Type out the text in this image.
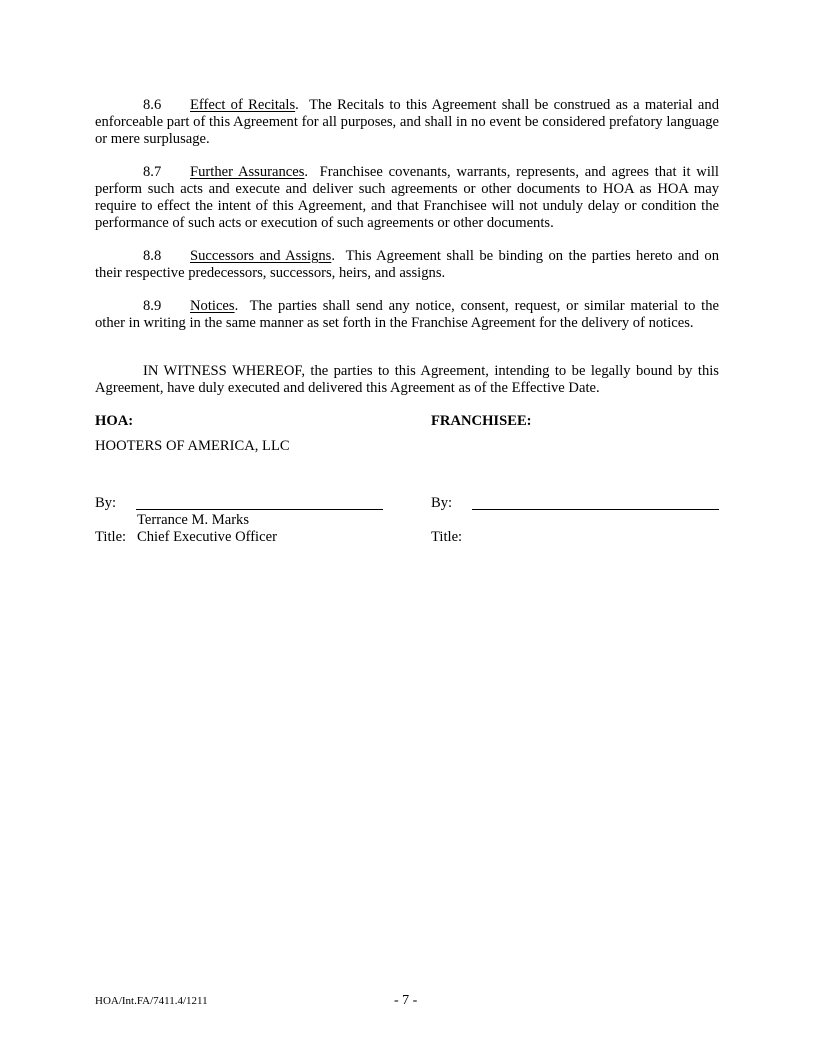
8.6 Effect of Recitals.  The Recitals to this Agreement shall be construed as a material and enforceable part of this Agreement for all purposes, and shall in no event be considered prefatory language or mere surplusage.

8.7 Further Assurances.  Franchisee covenants, warrants, represents, and agrees that it will perform such acts and execute and deliver such agreements or other documents to HOA as HOA may require to effect the intent of this Agreement, and that Franchisee will not unduly delay or condition the performance of such acts or execution of such agreements or other documents.

8.8 Successors and Assigns.  This Agreement shall be binding on the parties hereto and on their respective predecessors, successors, heirs, and assigns.

8.9 Notices.  The parties shall send any notice, consent, request, or similar material to the other in writing in the same manner as set forth in the Franchise Agreement for the delivery of notices.

IN WITNESS WHEREOF, the parties to this Agreement, intending to be legally bound by this Agreement, have duly executed and delivered this Agreement as of the Effective Date.

HOA:
HOOTERS OF AMERICA, LLC
By:
Terrance M. Marks
Title: Chief Executive Officer
FRANCHISEE:
By:
Title:
HOA/Int.FA/7411.4/1211	- 7 -
